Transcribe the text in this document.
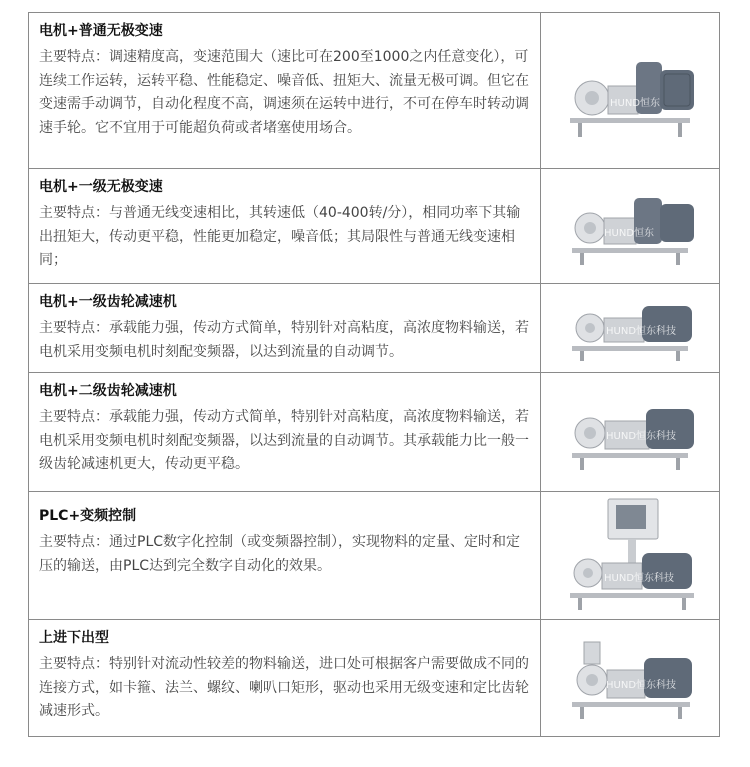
电机+普通无极变速
主要特点：调速精度高，变速范围大（速比可在200至1000之内任意变化），可连续工作运转，运转平稳、性能稳定、噪音低、扭矩大、流量无极可调。但它在变速需手动调节，自动化程度不高，调速须在运转中进行，不可在停车时转动调速手轮。它不宜用于可能超负荷或者堵塞使用场合。
HUND恒东
电机+一级无极变速
主要特点：与普通无线变速相比，其转速低（40-400转/分），相同功率下其输出扭矩大，传动更平稳，性能更加稳定，噪音低；其局限性与普通无线变速相同；
HUND恒东
电机+一级齿轮减速机
主要特点：承载能力强，传动方式简单，特别针对高粘度，高浓度物料输送，若电机采用变频电机时刻配变频器，以达到流量的自动调节。
HUND恒东科技
电机+二级齿轮减速机
主要特点：承载能力强，传动方式简单，特别针对高粘度，高浓度物料输送，若电机采用变频电机时刻配变频器，以达到流量的自动调节。其承载能力比一般一级齿轮减速机更大，传动更平稳。
HUND恒东科技
PLC+变频控制
主要特点：通过PLC数字化控制（或变频器控制），实现物料的定量、定时和定压的输送，由PLC达到完全数字自动化的效果。
HUND恒东科技
上进下出型
主要特点：特别针对流动性较差的物料输送，进口处可根据客户需要做成不同的连接方式，如卡箍、法兰、螺纹、喇叭口矩形，驱动也采用无级变速和定比齿轮减速形式。
HUND恒东科技
